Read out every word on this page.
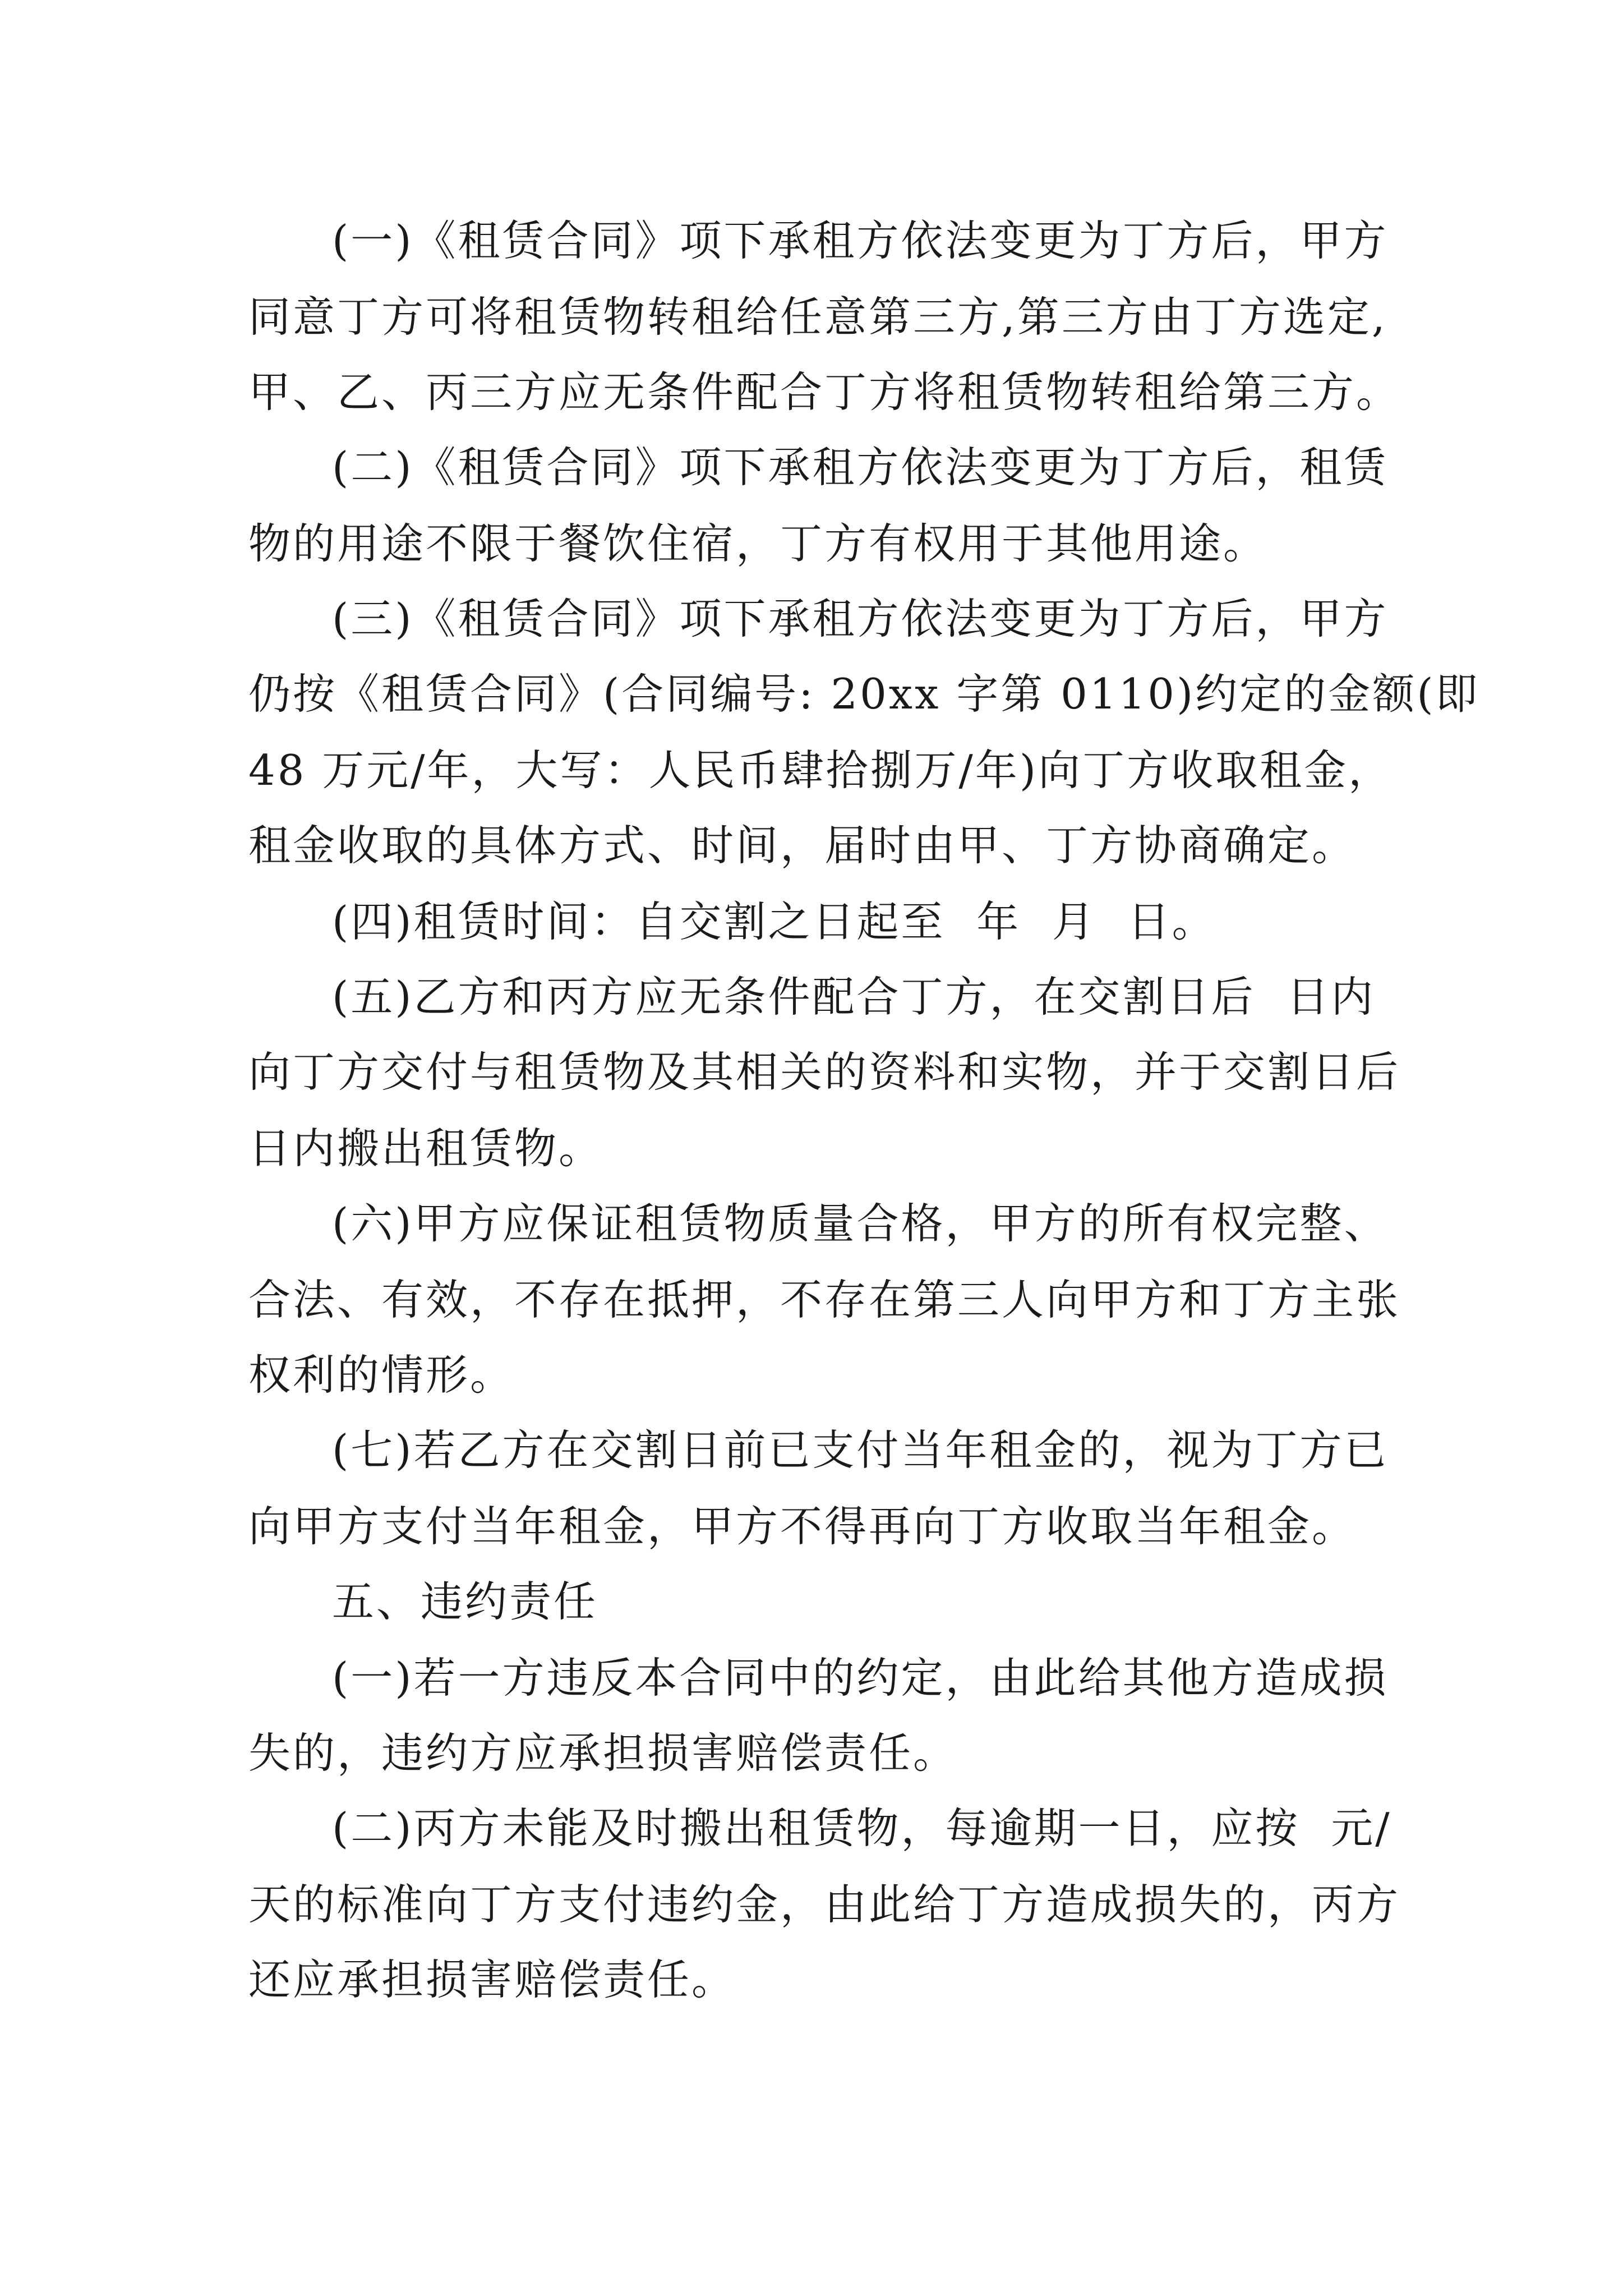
(一)《租赁合同》项下承租方依法变更为丁方后，甲方
同意丁方可将租赁物转租给任意第三方,第三方由丁方选定,
甲、乙、丙三方应无条件配合丁方将租赁物转租给第三方。
(二)《租赁合同》项下承租方依法变更为丁方后，租赁
物的用途不限于餐饮住宿，丁方有权用于其他用途。
(三)《租赁合同》项下承租方依法变更为丁方后，甲方
仍按《租赁合同》(合同编号: 20xx 字第 0110)约定的金额(即
48 万元/年，大写：人民币肆拾捌万/年)向丁方收取租金，
租金收取的具体方式、时间，届时由甲、丁方协商确定。
(四)租赁时间：自交割之日起至  年  月  日。
(五)乙方和丙方应无条件配合丁方，在交割日后  日内
向丁方交付与租赁物及其相关的资料和实物，并于交割日后
日内搬出租赁物。
(六)甲方应保证租赁物质量合格，甲方的所有权完整、
合法、有效，不存在抵押，不存在第三人向甲方和丁方主张
权利的情形。
(七)若乙方在交割日前已支付当年租金的，视为丁方已
向甲方支付当年租金，甲方不得再向丁方收取当年租金。
五、违约责任
(一)若一方违反本合同中的约定，由此给其他方造成损
失的，违约方应承担损害赔偿责任。
(二)丙方未能及时搬出租赁物，每逾期一日，应按  元/
天的标准向丁方支付违约金，由此给丁方造成损失的，丙方
还应承担损害赔偿责任。
